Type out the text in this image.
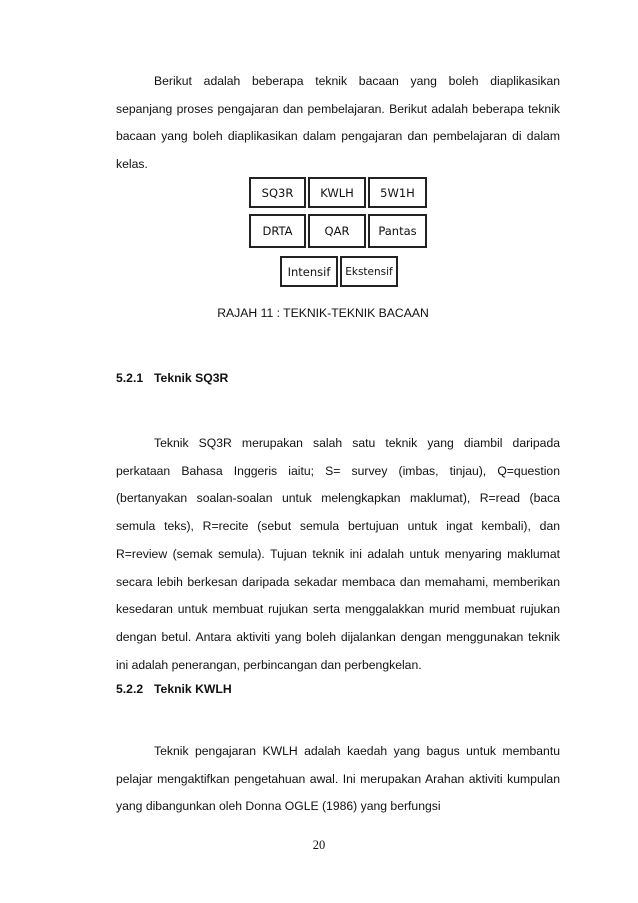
Berikut adalah beberapa teknik bacaan yang boleh diaplikasikan sepanjang proses pengajaran dan pembelajaran. Berikut adalah beberapa teknik bacaan yang boleh diaplikasikan dalam pengajaran dan pembelajaran di dalam kelas.

SQ3R	KWLH	5W1H
DRTA	QAR	Pantas
Intensif	Ekstensif

RAJAH 11 : TEKNIK-TEKNIK BACAAN

5.2.1 Teknik SQ3R

Teknik SQ3R merupakan salah satu teknik yang diambil daripada perkataan Bahasa Inggeris iaitu; S= survey (imbas, tinjau), Q=question (bertanyakan soalan-soalan untuk melengkapkan maklumat), R=read (baca semula teks), R=recite (sebut semula bertujuan untuk ingat kembali), dan R=review (semak semula). Tujuan teknik ini adalah untuk menyaring maklumat secara lebih berkesan daripada sekadar membaca dan memahami, memberikan kesedaran untuk membuat rujukan serta menggalakkan murid membuat rujukan dengan betul. Antara aktiviti yang boleh dijalankan dengan menggunakan teknik ini adalah penerangan, perbincangan dan perbengkelan.

5.2.2 Teknik KWLH

Teknik pengajaran KWLH adalah kaedah yang bagus untuk membantu pelajar mengaktifkan pengetahuan awal. Ini merupakan Arahan aktiviti kumpulan yang dibangunkan oleh Donna OGLE (1986) yang berfungsi

20
